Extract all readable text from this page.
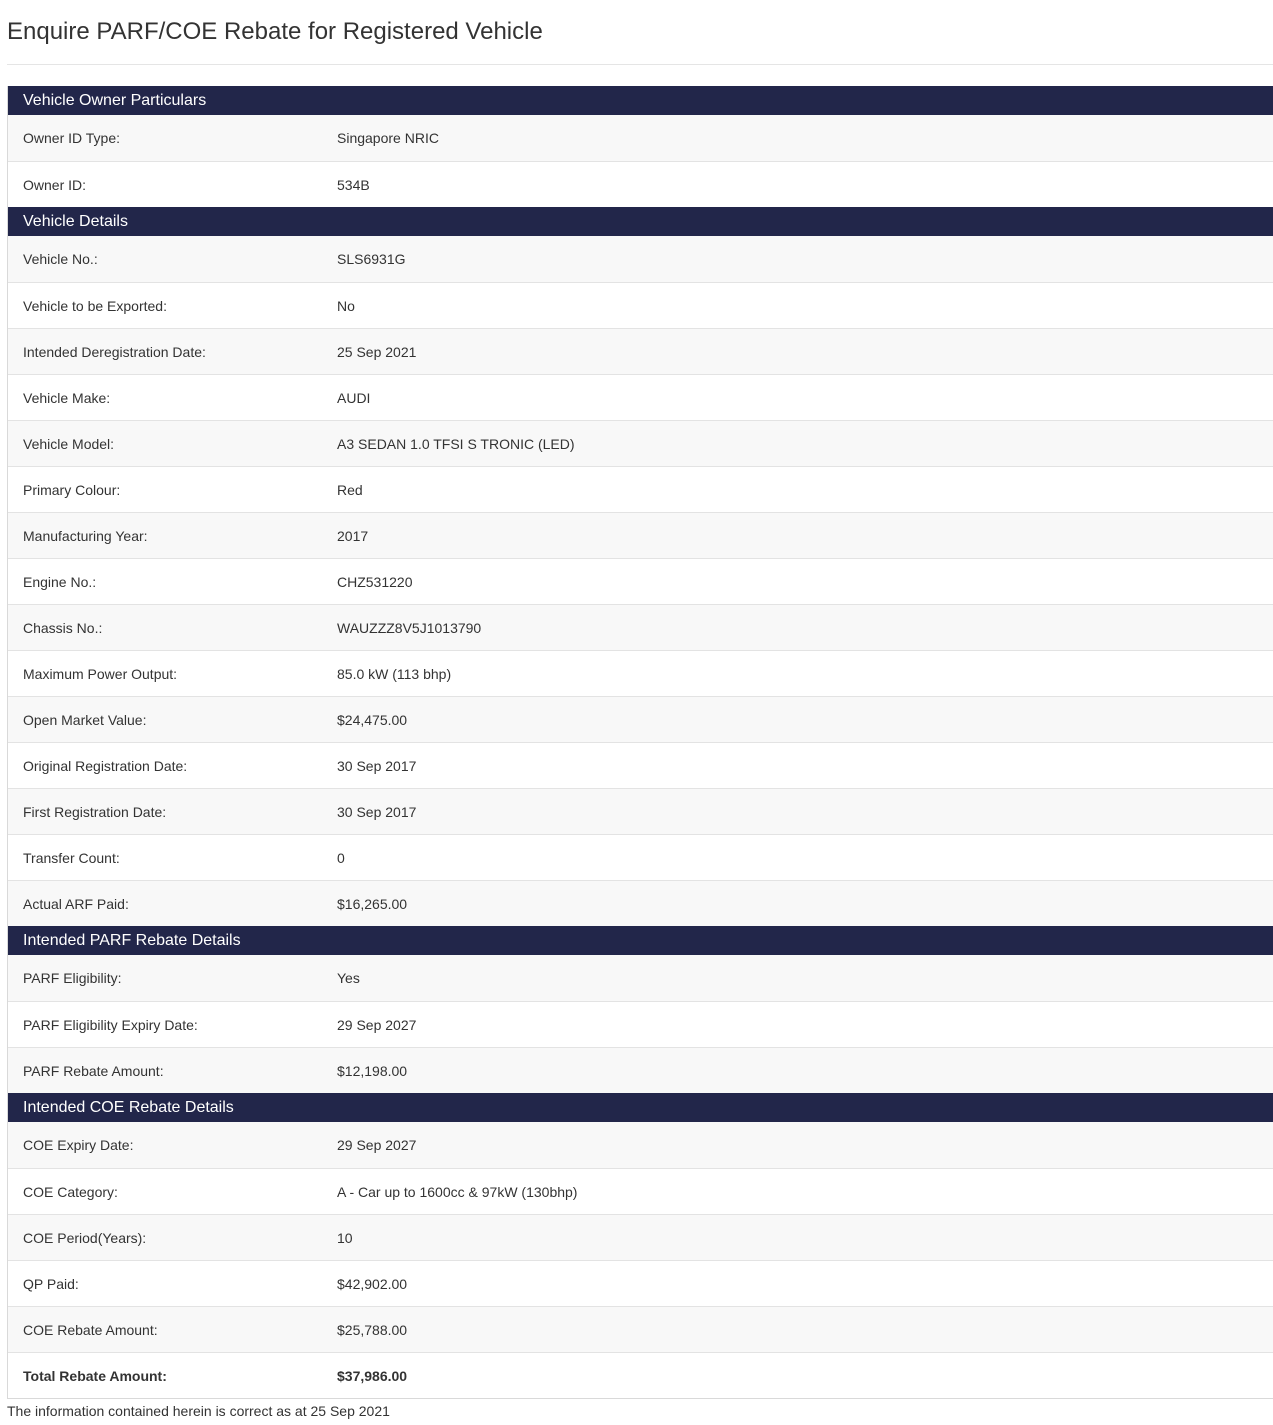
Enquire PARF/COE Rebate for Registered Vehicle
Vehicle Owner Particulars
Owner ID Type:	Singapore NRIC
Owner ID:	534B
Vehicle Details
Vehicle No.:	SLS6931G
Vehicle to be Exported:	No
Intended Deregistration Date:	25 Sep 2021
Vehicle Make:	AUDI
Vehicle Model:	A3 SEDAN 1.0 TFSI S TRONIC (LED)
Primary Colour:	Red
Manufacturing Year:	2017
Engine No.:	CHZ531220
Chassis No.:	WAUZZZ8V5J1013790
Maximum Power Output:	85.0 kW (113 bhp)
Open Market Value:	$24,475.00
Original Registration Date:	30 Sep 2017
First Registration Date:	30 Sep 2017
Transfer Count:	0
Actual ARF Paid:	$16,265.00
Intended PARF Rebate Details
PARF Eligibility:	Yes
PARF Eligibility Expiry Date:	29 Sep 2027
PARF Rebate Amount:	$12,198.00
Intended COE Rebate Details
COE Expiry Date:	29 Sep 2027
COE Category:	A - Car up to 1600cc & 97kW (130bhp)
COE Period(Years):	10
QP Paid:	$42,902.00
COE Rebate Amount:	$25,788.00
Total Rebate Amount:	$37,986.00
The information contained herein is correct as at 25 Sep 2021
